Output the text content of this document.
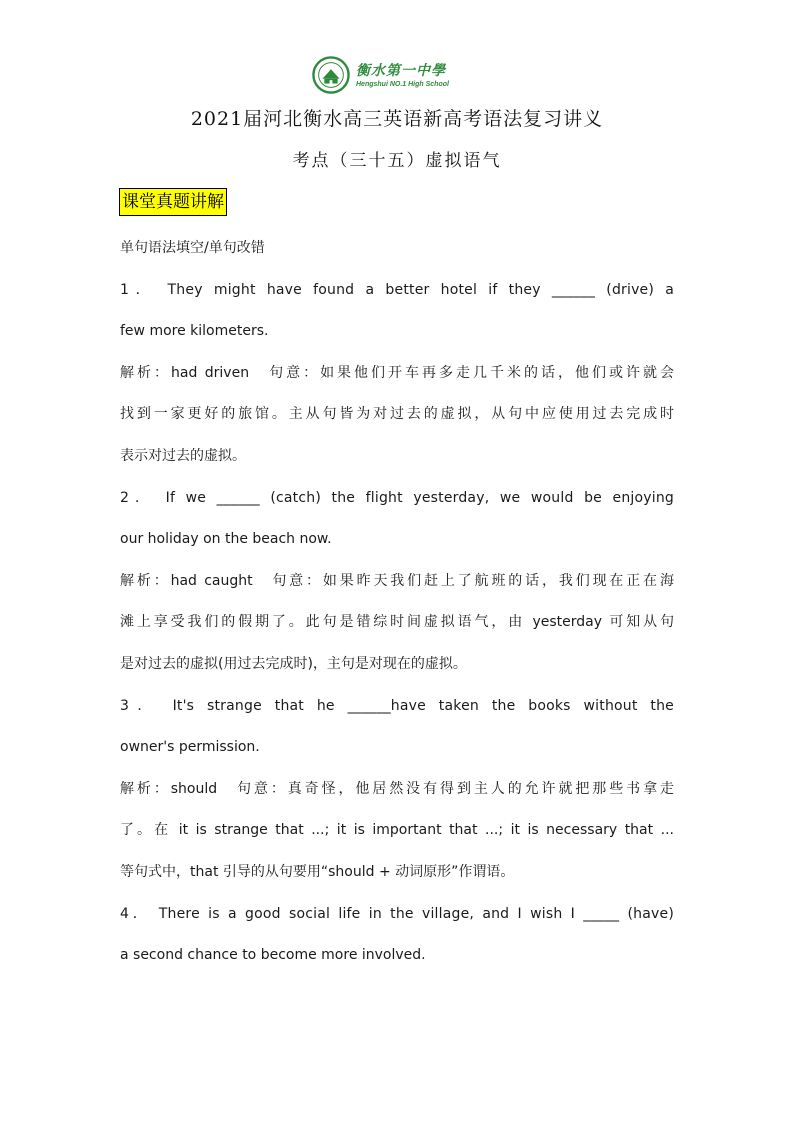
衡水第一中學
Hengshui NO.1 High School
2021届河北衡水高三英语新高考语法复习讲义
考点（三十五）虚拟语气
课堂真题讲解
单句语法填空/单句改错
1． They might have found a better hotel if they ______ (drive) a
few more kilometers.
解析：had driven　句意：如果他们开车再多走几千米的话，他们或许就会
找到一家更好的旅馆。主从句皆为对过去的虚拟，从句中应使用过去完成时
表示对过去的虚拟。
2． If we ______ (catch) the flight yesterday, we would be enjoying
our holiday on the beach now.
解析：had caught　句意：如果昨天我们赶上了航班的话，我们现在正在海
滩上享受我们的假期了。此句是错综时间虚拟语气，由 yesterday 可知从句
是对过去的虚拟(用过去完成时)，主句是对现在的虚拟。
3． It's strange that he ______have taken the books without the
owner's permission.
解析：should　句意：真奇怪，他居然没有得到主人的允许就把那些书拿走
了。在 it is strange that ...; it is important that ...; it is necessary that ...
等句式中，that 引导的从句要用“should + 动词原形”作谓语。
4． There is a good social life in the village, and I wish I _____ (have)
a second chance to become more involved.
